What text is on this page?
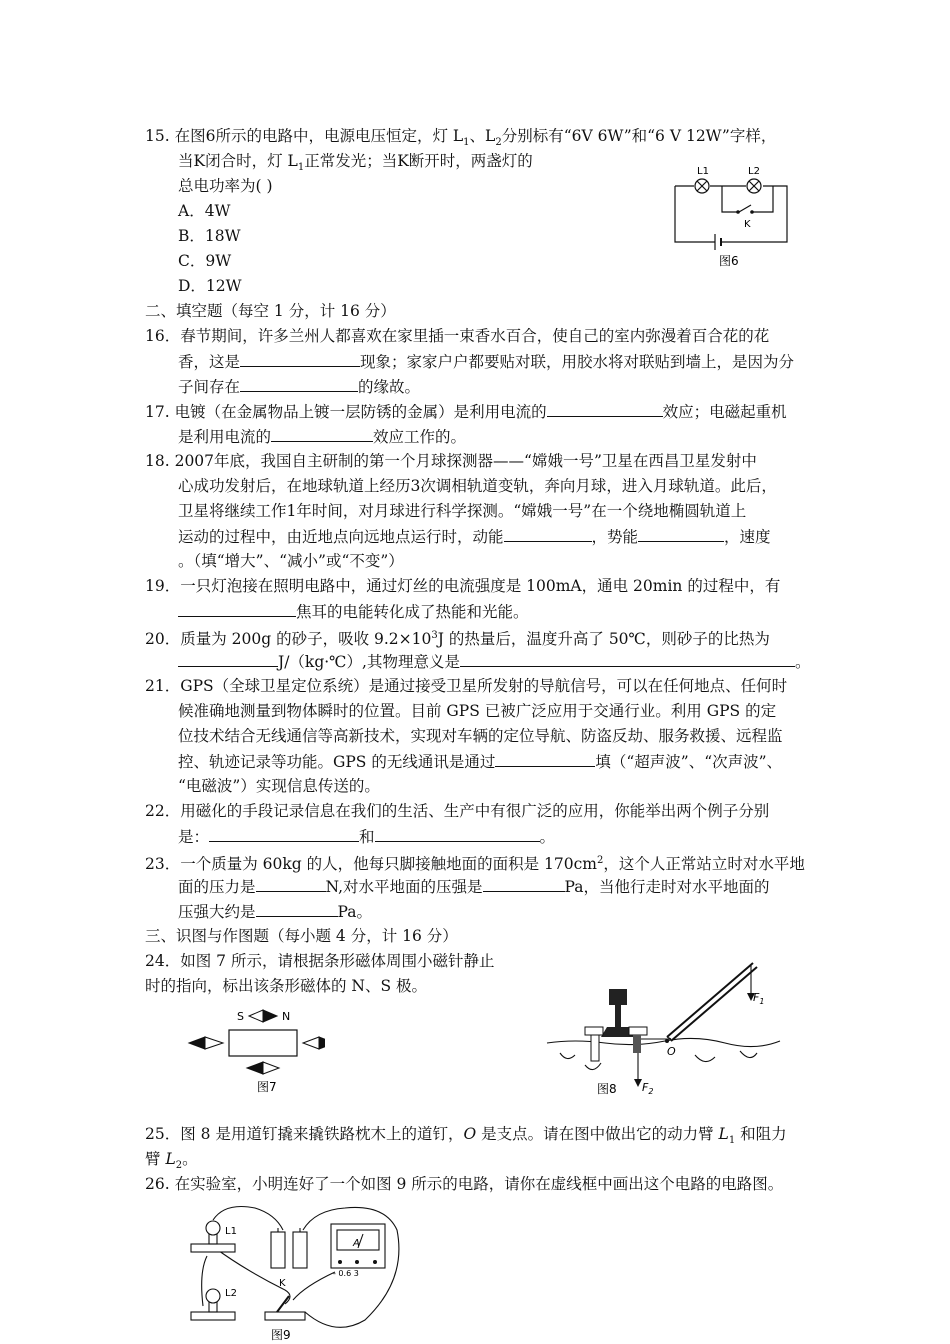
15. 在图6所示的电路中，电源电压恒定，灯 $L_1$、$L_2$分别标有“6V 6W”和“6 V 12W”字样，
当K闭合时，灯 $L_1$正常发光；当K断开时，两盏灯的
总电功率为( )
A．4W
B．18W
C．9W
D．12W
L1	L2
K
图6
二、填空题（每空 1 分，计 16 分）
16．春节期间，许多兰州人都喜欢在家里插一束香水百合，使自己的室内弥漫着百合花的花
香，这是	现象；家家户户都要贴对联，用胶水将对联贴到墙上，是因为分
子间存在	的缘故。
17. 电镀（在金属物品上镀一层防锈的金属）是利用电流的	效应；电磁起重机
是利用电流的	效应工作的。
18. 2007年底，我国自主研制的第一个月球探测器——“嫦娥一号”卫星在西昌卫星发射中
心成功发射后，在地球轨道上经历3次调相轨道变轨，奔向月球，进入月球轨道。此后，
卫星将继续工作1年时间，对月球进行科学探测。“嫦娥一号”在一个绕地椭圆轨道上
运动的过程中，由近地点向远地点运行时，动能	，势能	，速度
。（填“增大”、“减小”或“不变”）
19．一只灯泡接在照明电路中，通过灯丝的电流强度是 100mA，通电 20min 的过程中，有
焦耳的电能转化成了热能和光能。
20．质量为 200g 的砂子，吸收 $9.2\times 10^3J$ 的热量后，温度升高了 50℃，则砂子的比热为
J/（kg·℃）,其物理意义是	。
21．GPS（全球卫星定位系统）是通过接受卫星所发射的导航信号，可以在任何地点、任何时
候准确地测量到物体瞬时的位置。目前 GPS 已被广泛应用于交通行业。利用 GPS 的定
位技术结合无线通信等高新技术，实现对车辆的定位导航、防盗反劫、服务救援、远程监
控、轨迹记录等功能。GPS 的无线通讯是通过	填（“超声波”、“次声波”、
“电磁波”）实现信息传送的。
22．用磁化的手段记录信息在我们的生活、生产中有很广泛的应用，你能举出两个例子分别
是：	和	。
23．一个质量为 60kg 的人，他每只脚接触地面的面积是 $170cm^2$，这个人正常站立时对水平地
面的压力是	N,对水平地面的压强是	Pa，当他行走时对水平地面的
压强大约是	Pa。
三、识图与作图题（每小题 4 分，计 16 分）
24．如图 7 所示，请根据条形磁体周围小磁针静止
时的指向，标出该条形磁体的 N、S 极。
S	N
图7
$F_1$
$F_2$
O
图8
25．图 8 是用道钉撬来撬铁路枕木上的道钉，O 是支点。请在图中做出它的动力臂 $L_1$ 和阻力
臂 $L_2$。
26. 在实验室，小明连好了一个如图 9 所示的电路，请你在虚线框中画出这个电路的电路图。
L1
L2
K
A
- 0.6 3
图9
